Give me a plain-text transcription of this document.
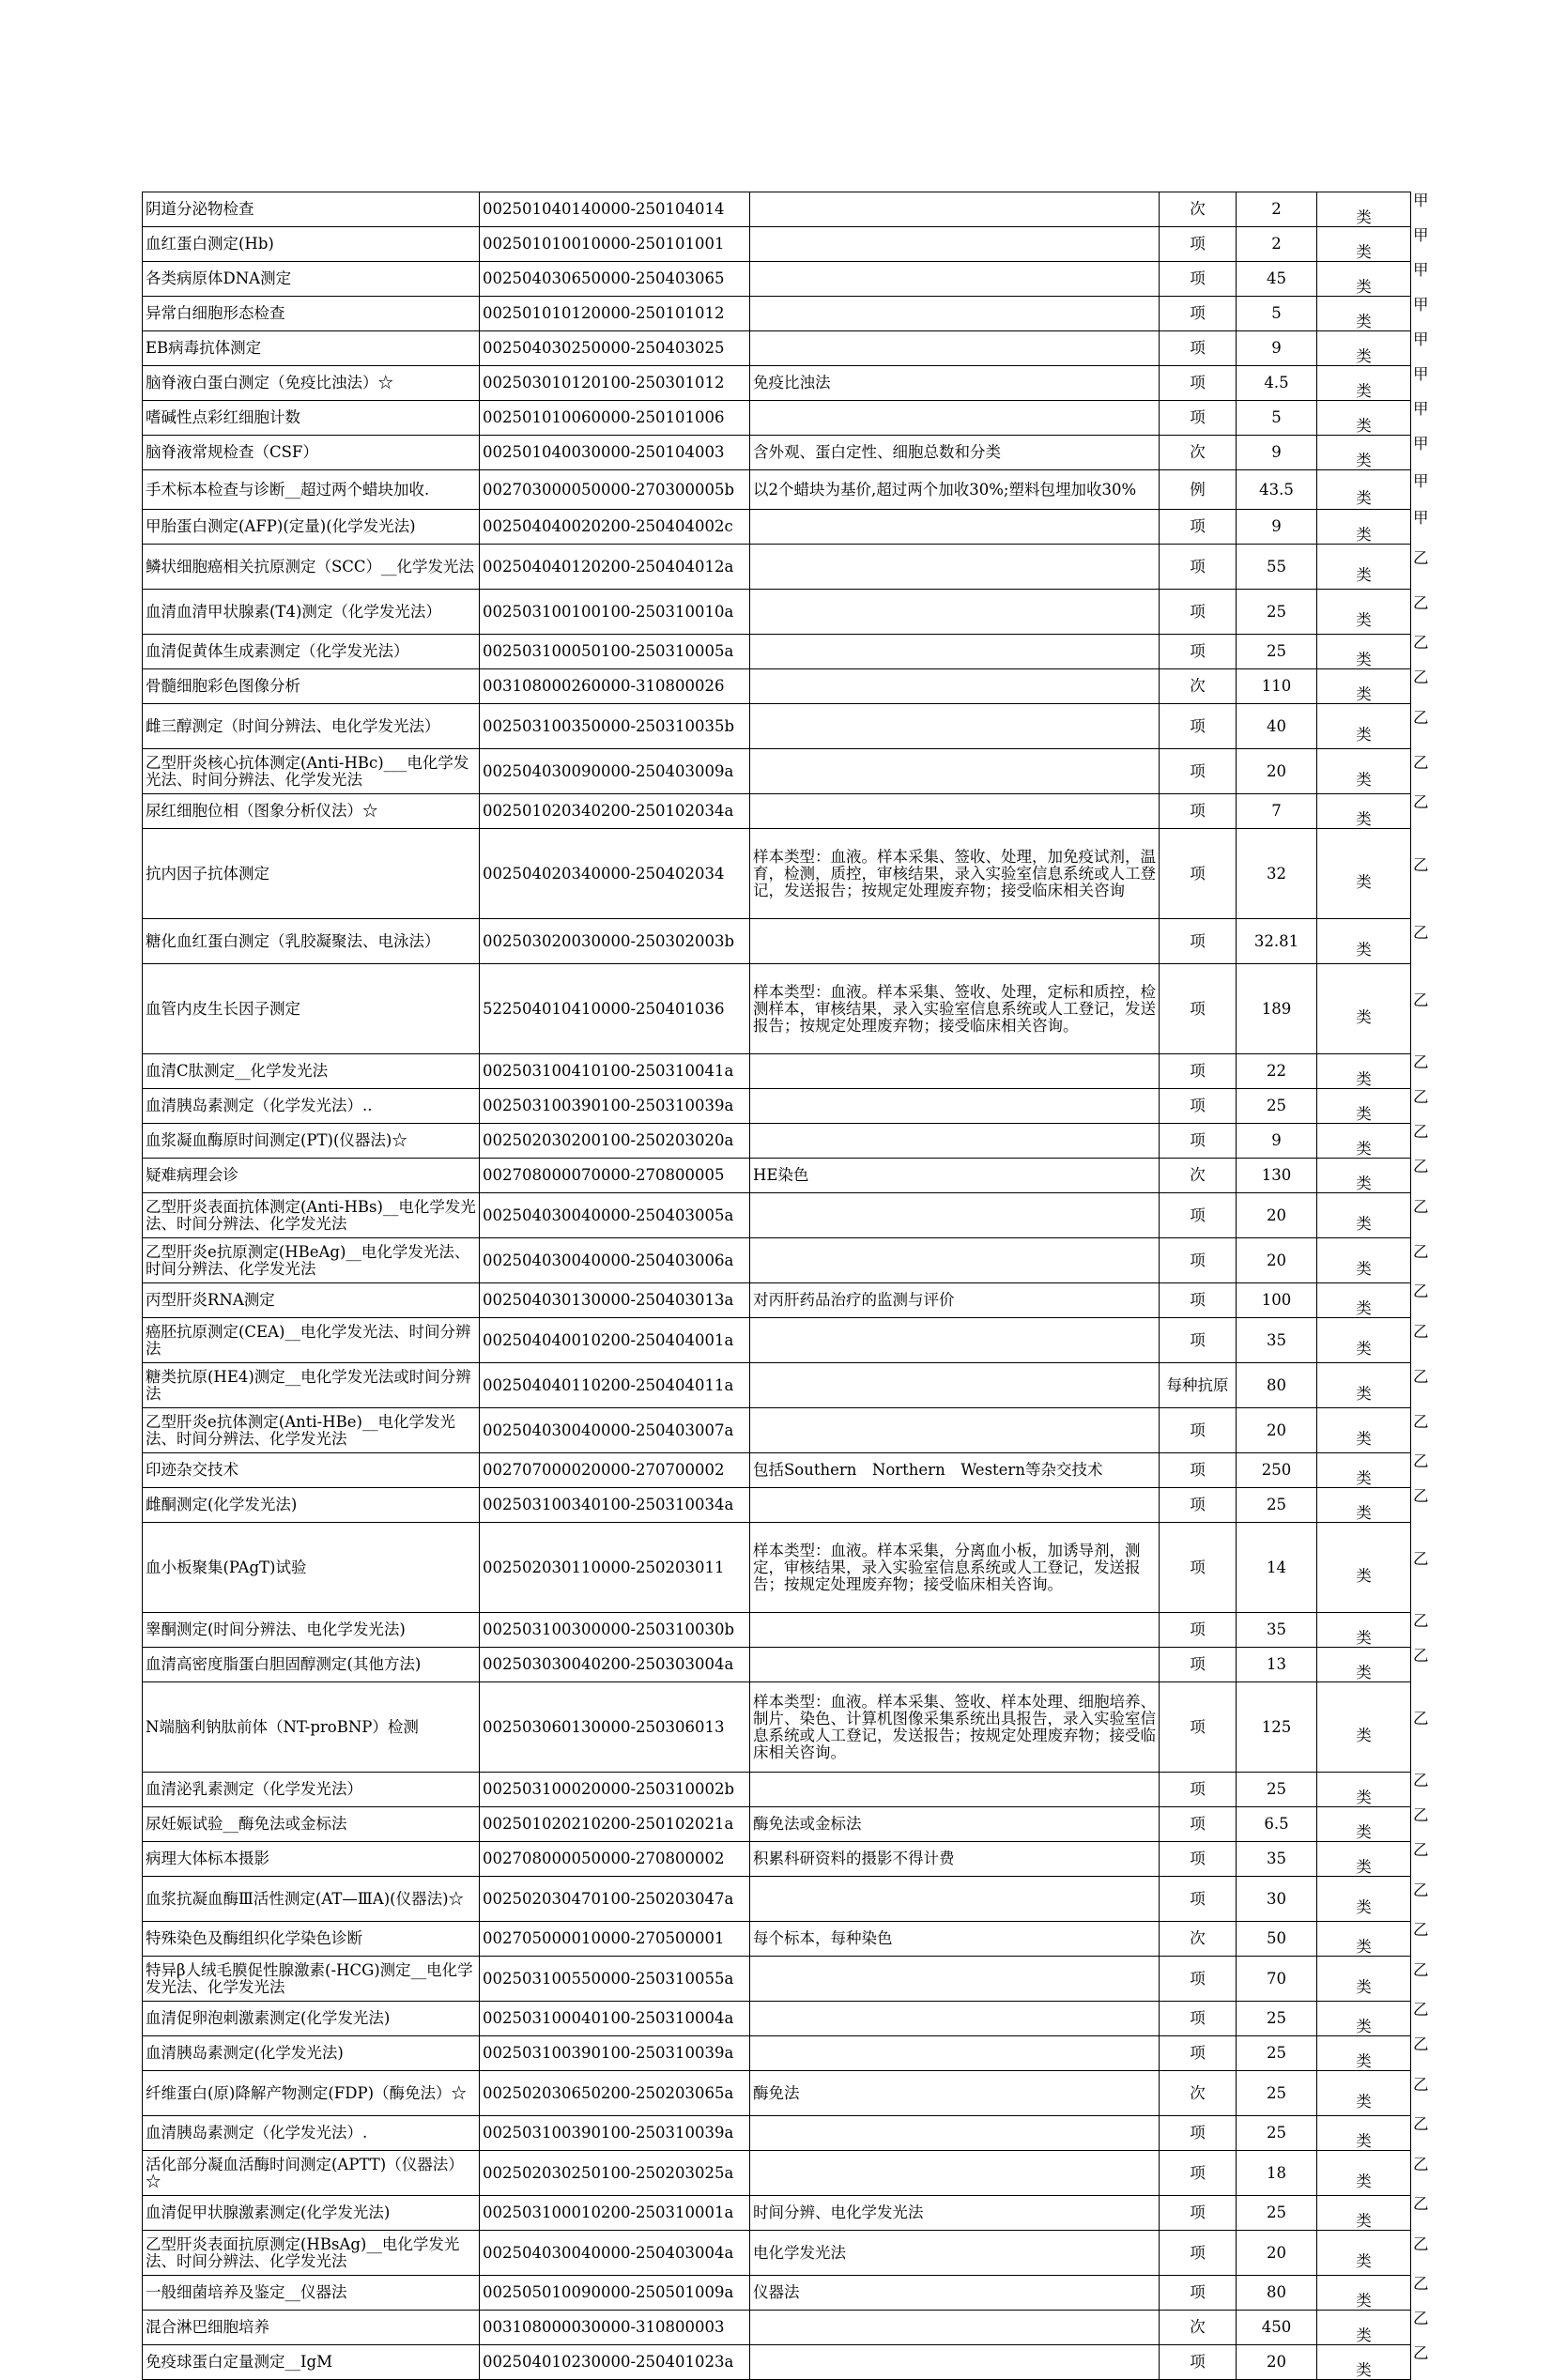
阴道分泌物检查	002501040140000-250104014		次	2	甲类
血红蛋白测定(Hb)	002501010010000-250101001		项	2	甲类
各类病原体DNA测定	002504030650000-250403065		项	45	甲类
异常白细胞形态检查	002501010120000-250101012		项	5	甲类
EB病毒抗体测定	002504030250000-250403025		项	9	甲类
脑脊液白蛋白测定（免疫比浊法）☆	002503010120100-250301012	免疫比浊法	项	4.5	甲类
嗜碱性点彩红细胞计数	002501010060000-250101006		项	5	甲类
脑脊液常规检查（CSF）	002501040030000-250104003	含外观、蛋白定性、细胞总数和分类	次	9	甲类
手术标本检查与诊断__超过两个蜡块加收.	002703000050000-270300005b	以2个蜡块为基价,超过两个加收30%;塑料包埋加收30%	例	43.5	甲类
甲胎蛋白测定(AFP)(定量)(化学发光法)	002504040020200-250404002c		项	9	甲类
鳞状细胞癌相关抗原测定（SCC）__化学发光法	002504040120200-250404012a		项	55	乙类
血清血清甲状腺素(T4)测定（化学发光法）	002503100100100-250310010a		项	25	乙类
血清促黄体生成素测定（化学发光法）	002503100050100-250310005a		项	25	乙类
骨髓细胞彩色图像分析	003108000260000-310800026		次	110	乙类
雌三醇测定（时间分辨法、电化学发光法）	002503100350000-250310035b		项	40	乙类
乙型肝炎核心抗体测定(Anti-HBc)___电化学发光法、时间分辨法、化学发光法	002504030090000-250403009a		项	20	乙类
尿红细胞位相（图象分析仪法）☆	002501020340200-250102034a		项	7	乙类
抗内因子抗体测定	002504020340000-250402034	样本类型：血液。样本采集、签收、处理，加免疫试剂，温育，检测，质控，审核结果，录入实验室信息系统或人工登记，发送报告；按规定处理废弃物；接受临床相关咨询	项	32	乙类
糖化血红蛋白测定（乳胶凝聚法、电泳法）	002503020030000-250302003b		项	32.81	乙类
血管内皮生长因子测定	522504010410000-250401036	样本类型：血液。样本采集、签收、处理，定标和质控，检测样本，审核结果，录入实验室信息系统或人工登记，发送报告；按规定处理废弃物；接受临床相关咨询。	项	189	乙类
血清C肽测定__化学发光法	002503100410100-250310041a		项	22	乙类
血清胰岛素测定（化学发光法）..	002503100390100-250310039a		项	25	乙类
血浆凝血酶原时间测定(PT)(仪器法)☆	002502030200100-250203020a		项	9	乙类
疑难病理会诊	002708000070000-270800005	HE染色	次	130	乙类
乙型肝炎表面抗体测定(Anti-HBs)__电化学发光法、时间分辨法、化学发光法	002504030040000-250403005a		项	20	乙类
乙型肝炎e抗原测定(HBeAg)__电化学发光法、时间分辨法、化学发光法	002504030040000-250403006a		项	20	乙类
丙型肝炎RNA测定	002504030130000-250403013a	对丙肝药品治疗的监测与评价	项	100	乙类
癌胚抗原测定(CEA)__电化学发光法、时间分辨法	002504040010200-250404001a		项	35	乙类
糖类抗原(HE4)测定__电化学发光法或时间分辨法	002504040110200-250404011a		每种抗原	80	乙类
乙型肝炎e抗体测定(Anti-HBe)__电化学发光法、时间分辨法、化学发光法	002504030040000-250403007a		项	20	乙类
印迹杂交技术	002707000020000-270700002	包括Southern　Northern　Western等杂交技术	项	250	乙类
雌酮测定(化学发光法)	002503100340100-250310034a		项	25	乙类
血小板聚集(PAgT)试验	002502030110000-250203011	样本类型：血液。样本采集，分离血小板，加诱导剂，测定，审核结果，录入实验室信息系统或人工登记，发送报告；按规定处理废弃物；接受临床相关咨询。	项	14	乙类
睾酮测定(时间分辨法、电化学发光法)	002503100300000-250310030b		项	35	乙类
血清高密度脂蛋白胆固醇测定(其他方法)	002503030040200-250303004a		项	13	乙类
N端脑利钠肽前体（NT-proBNP）检测	002503060130000-250306013	样本类型：血液。样本采集、签收、样本处理、细胞培养、制片、染色、计算机图像采集系统出具报告，录入实验室信息系统或人工登记，发送报告；按规定处理废弃物；接受临床相关咨询。	项	125	乙类
血清泌乳素测定（化学发光法）	002503100020000-250310002b		项	25	乙类
尿妊娠试验__酶免法或金标法	002501020210200-250102021a	酶免法或金标法	项	6.5	乙类
病理大体标本摄影	002708000050000-270800002	积累科研资料的摄影不得计费	项	35	乙类
血浆抗凝血酶Ⅲ活性测定(AT—ⅢA)(仪器法)☆	002502030470100-250203047a		项	30	乙类
特殊染色及酶组织化学染色诊断	002705000010000-270500001	每个标本，每种染色	次	50	乙类
特异β人绒毛膜促性腺激素(-HCG)测定__电化学发光法、化学发光法	002503100550000-250310055a		项	70	乙类
血清促卵泡刺激素测定(化学发光法)	002503100040100-250310004a		项	25	乙类
血清胰岛素测定(化学发光法)	002503100390100-250310039a		项	25	乙类
纤维蛋白(原)降解产物测定(FDP)（酶免法）☆	002502030650200-250203065a	酶免法	次	25	乙类
血清胰岛素测定（化学发光法）.	002503100390100-250310039a		项	25	乙类
活化部分凝血活酶时间测定(APTT)（仪器法）☆	002502030250100-250203025a		项	18	乙类
血清促甲状腺激素测定(化学发光法)	002503100010200-250310001a	时间分辨、电化学发光法	项	25	乙类
乙型肝炎表面抗原测定(HBsAg)__电化学发光法、时间分辨法、化学发光法	002504030040000-250403004a	电化学发光法	项	20	乙类
一般细菌培养及鉴定__仪器法	002505010090000-250501009a	仪器法	项	80	乙类
混合淋巴细胞培养	003108000030000-310800003		次	450	乙类
免疫球蛋白定量测定__IgM	002504010230000-250401023a		项	20	乙类
